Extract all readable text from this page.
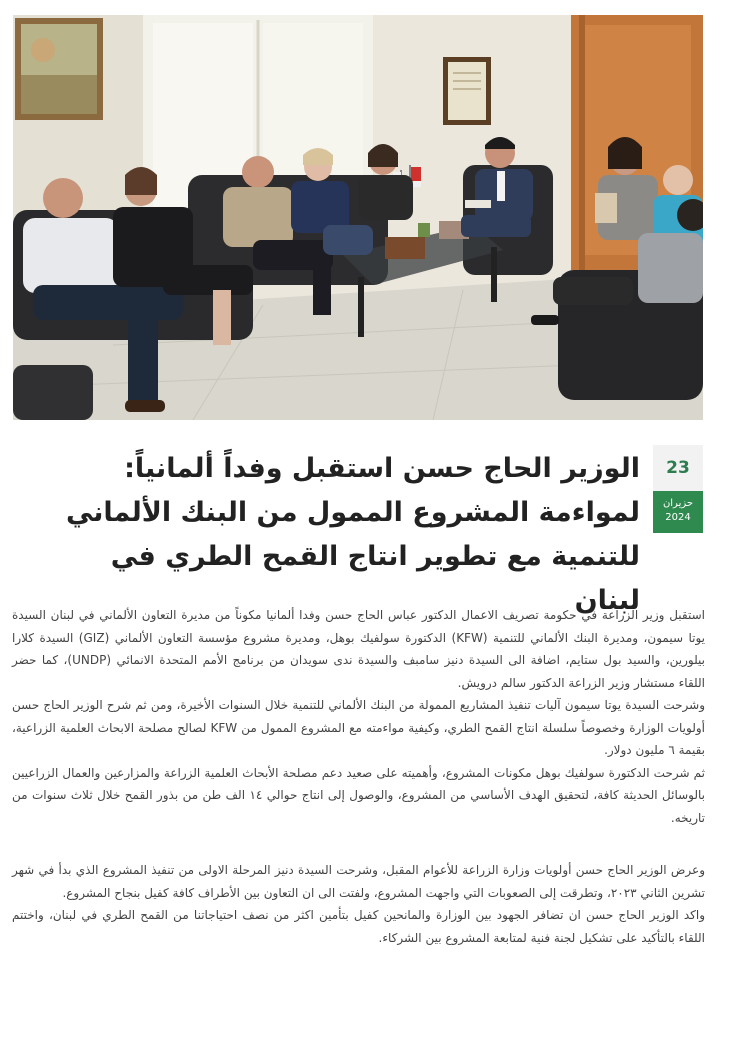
23
حزيران
2024
الوزير الحاج حسن استقبل وفداً ألمانياً: لمواءمة المشروع الممول من البنك الألماني للتنمية مع تطوير انتاج القمح الطري في لبنان

استقبل وزير الزراعة في حكومة تصريف الاعمال الدكتور عباس الحاج حسن وفدا ألمانيا مكوناً من مديرة التعاون الألماني في لبنان السيدة يوتا سيمون، ومديرة البنك الألماني للتنمية (KFW) الدكتورة سولفيك بوهل، ومديرة مشروع مؤسسة التعاون الألماني (GIZ) السيدة كلارا بيلورين، والسيد بول ستايم، اضافة الى السيدة دنيز سامبف والسيدة ندى سويدان من برنامج الأمم المتحدة الانمائي (UNDP)، كما حضر اللقاء مستشار وزير الزراعة الدكتور سالم درويش.

وشرحت السيدة يوتا سيمون آليات تنفيذ المشاريع الممولة من البنك الألماني للتنمية خلال السنوات الأخيرة، ومن ثم شرح الوزير الحاج حسن أولويات الوزارة وخصوصاً سلسلة انتاج القمح الطري، وكيفية مواءمته مع المشروع الممول من KFW لصالح مصلحة الابحاث العلمية الزراعية، بقيمة ٦ مليون دولار.

ثم شرحت الدكتورة سولفيك بوهل مكونات المشروع، وأهميته على صعيد دعم مصلحة الأبحاث العلمية الزراعة والمزارعين والعمال الزراعيين بالوسائل الحديثة كافة، لتحقيق الهدف الأساسي من المشروع، والوصول إلى انتاج حوالي ١٤ الف طن من بذور القمح خلال ثلاث سنوات من تاريخه.

وعرض الوزير الحاج حسن أولويات وزارة الزراعة للأعوام المقبل، وشرحت السيدة دنيز المرحلة الاولى من تنفيذ المشروع الذي بدأ في شهر تشرين الثاني ٢٠٢٣، وتطرقت إلى الصعوبات التي واجهت المشروع، ولفتت الى ان التعاون بين الأطراف كافة كفيل بنجاح المشروع.

واكد الوزير الحاج حسن ان تضافر الجهود بين الوزارة والمانحين كفيل بتأمين اكثر من نصف احتياجاتنا من القمح الطري في لبنان، واختتم اللقاء بالتأكيد على تشكيل لجنة فنية لمتابعة المشروع بين الشركاء.
